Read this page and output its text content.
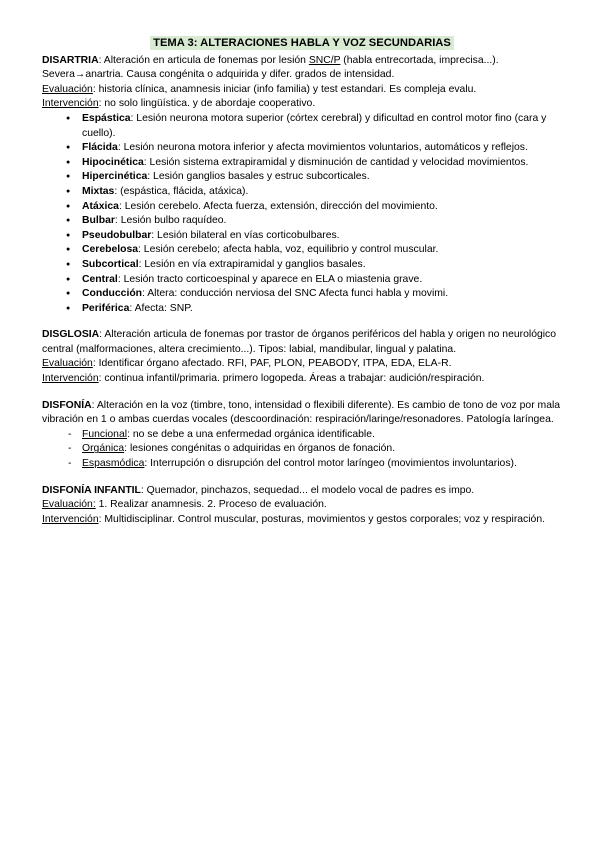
TEMA 3: ALTERACIONES HABLA Y VOZ SECUNDARIAS

DISARTRIA: Alteración en articula de fonemas por lesión SNC/P (habla entrecortada, imprecisa...). Severa→anartria. Causa congénita o adquirida y difer. grados de intensidad.

Evaluación: historia clínica, anamnesis iniciar (info familia) y test estandari. Es compleja evalu.

Intervención: no solo lingüística. y de abordaje cooperativo.

● Espástica: Lesión neurona motora superior (córtex cerebral) y dificultad en control motor fino (cara y cuello).
● Flácida: Lesión neurona motora inferior y afecta movimientos voluntarios, automáticos y reflejos.
● Hipocinética: Lesión sistema extrapiramidal y disminución de cantidad y velocidad movimientos.
● Hipercinética: Lesión ganglios basales y estruc subcorticales.
● Mixtas: (espástica, flácida, atáxica).
● Atáxica: Lesión cerebelo. Afecta fuerza, extensión, dirección del movimiento.
● Bulbar: Lesión bulbo raquídeo.
● Pseudobulbar: Lesión bilateral en vías corticobulbares.
● Cerebelosa: Lesión cerebelo; afecta habla, voz, equilibrio y control muscular.
● Subcortical: Lesión en vía extrapiramidal y ganglios basales.
● Central: Lesión tracto corticoespinal y aparece en ELA o miastenia grave.
● Conducción: Altera: conducción nerviosa del SNC Afecta funci habla y movimi.
● Periférica: Afecta: SNP.

DISGLOSIA: Alteración articula de fonemas por trastor de órganos periféricos del habla y origen no neurológico central (malformaciones, altera crecimiento...). Tipos: labial, mandibular, lingual y palatina.

Evaluación: Identificar órgano afectado. RFI, PAF, PLON, PEABODY, ITPA, EDA, ELA-R.

Intervención: continua infantil/primaria. primero logopeda. Áreas a trabajar: audición/respiración.

DISFONÍA: Alteración en la voz (timbre, tono, intensidad o flexibili diferente). Es cambio de tono de voz por mala vibración en 1 o ambas cuerdas vocales (descoordinación: respiración/laringe/resonadores. Patología laríngea.

- Funcional: no se debe a una enfermedad orgánica identificable.
- Orgánica: lesiones congénitas o adquiridas en órganos de fonación.
- Espasmódica: Interrupción o disrupción del control motor laríngeo (movimientos involuntarios).

DISFONÍA INFANTIL: Quemador, pinchazos, sequedad... el modelo vocal de padres es impo.

Evaluación: 1. Realizar anamnesis. 2. Proceso de evaluación.

Intervención: Multidisciplinar. Control muscular, posturas, movimientos y gestos corporales; voz y respiración.
